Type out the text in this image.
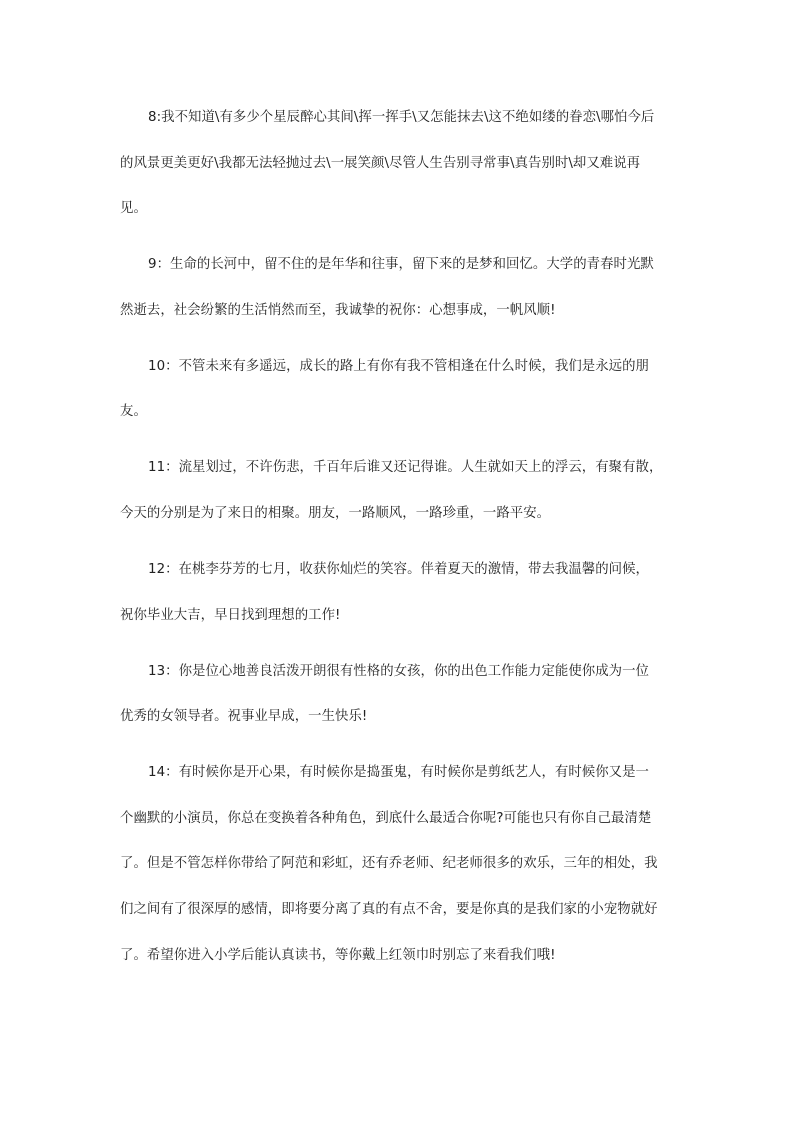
8:我不知道\有多少个星辰醉心其间\挥一挥手\又怎能抹去\这不绝如缕的眷恋\哪怕今后
的风景更美更好\我都无法轻抛过去\一展笑颜\尽管人生告别寻常事\真告别时\却又难说再
见。
9：生命的长河中，留不住的是年华和往事，留下来的是梦和回忆。大学的青春时光默
然逝去，社会纷繁的生活悄然而至，我诚挚的祝你：心想事成，一帆风顺!
10：不管未来有多遥远，成长的路上有你有我不管相逢在什么时候，我们是永远的朋
友。
11：流星划过，不许伤悲，千百年后谁又还记得谁。人生就如天上的浮云，有聚有散，
今天的分别是为了来日的相聚。朋友，一路顺风，一路珍重，一路平安。
12：在桃李芬芳的七月，收获你灿烂的笑容。伴着夏天的激情，带去我温馨的问候，
祝你毕业大吉，早日找到理想的工作!
13：你是位心地善良活泼开朗很有性格的女孩，你的出色工作能力定能使你成为一位
优秀的女领导者。祝事业早成，一生快乐!
14：有时候你是开心果，有时候你是捣蛋鬼，有时候你是剪纸艺人，有时候你又是一
个幽默的小演员，你总在变换着各种角色，到底什么最适合你呢?可能也只有你自己最清楚
了。但是不管怎样你带给了阿范和彩虹，还有乔老师、纪老师很多的欢乐，三年的相处，我
们之间有了很深厚的感情，即将要分离了真的有点不舍，要是你真的是我们家的小宠物就好
了。希望你进入小学后能认真读书，等你戴上红领巾时别忘了来看我们哦!
